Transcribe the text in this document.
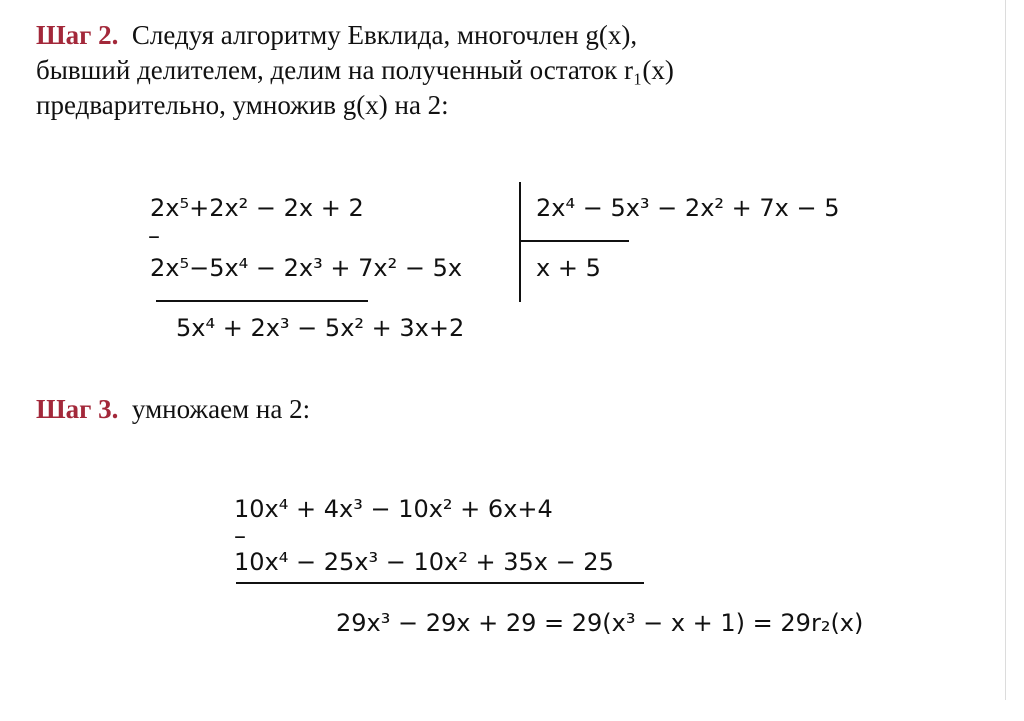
Шаг 2. Следуя алгоритму Евклида, многочлен g(x),
бывший делителем, делим на полученный остаток r₁(x)
предварительно, умножив g(x) на 2:
2x⁵+2x² − 2x + 2
–
2x⁵−5x⁴ − 2x³ + 7x² − 5x
5x⁴ + 2x³ − 5x² + 3x+2
2x⁴ − 5x³ − 2x² + 7x − 5
x + 5
Шаг 3. умножаем на 2:
10x⁴ + 4x³ − 10x² + 6x+4
–
10x⁴ − 25x³ − 10x² + 35x − 25
29x³ − 29x + 29 = 29(x³ − x + 1) = 29r₂(x)
